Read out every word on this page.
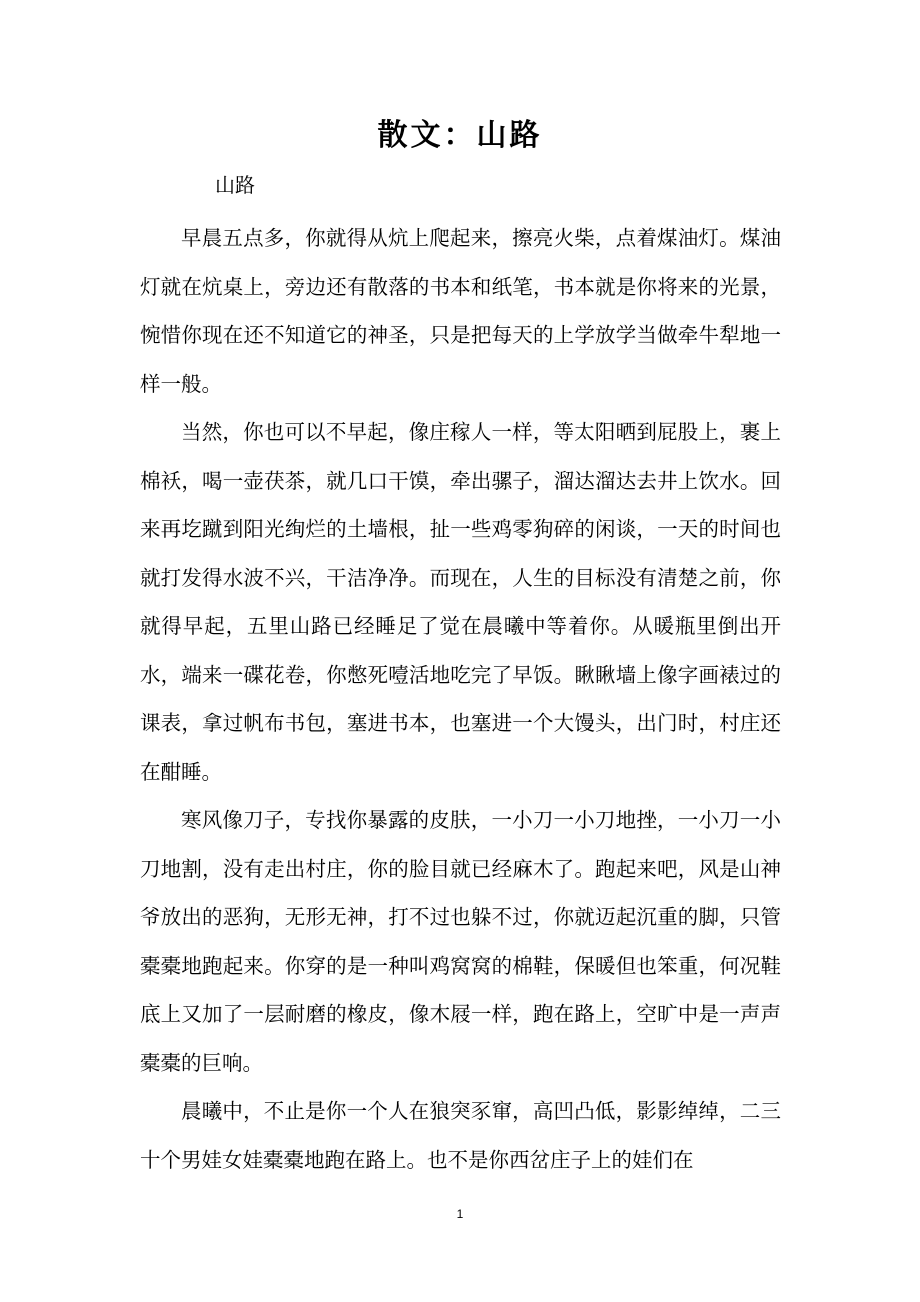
散文：山路
山路

早晨五点多，你就得从炕上爬起来，擦亮火柴，点着煤油灯。煤油灯就在炕桌上，旁边还有散落的书本和纸笔，书本就是你将来的光景，惋惜你现在还不知道它的神圣，只是把每天的上学放学当做牵牛犁地一样一般。

当然，你也可以不早起，像庄稼人一样，等太阳晒到屁股上，裹上棉袄，喝一壶茯茶，就几口干馍，牵出骡子，溜达溜达去井上饮水。回来再圪蹴到阳光绚烂的土墙根，扯一些鸡零狗碎的闲谈，一天的时间也就打发得水波不兴，干洁净净。而现在，人生的目标没有清楚之前，你就得早起，五里山路已经睡足了觉在晨曦中等着你。从暖瓶里倒出开水，端来一碟花卷，你憋死噎活地吃完了早饭。瞅瞅墙上像字画裱过的课表，拿过帆布书包，塞进书本，也塞进一个大馒头，出门时，村庄还在酣睡。

寒风像刀子，专找你暴露的皮肤，一小刀一小刀地挫，一小刀一小刀地割，没有走出村庄，你的脸目就已经麻木了。跑起来吧，风是山神爷放出的恶狗，无形无神，打不过也躲不过，你就迈起沉重的脚，只管橐橐地跑起来。你穿的是一种叫鸡窝窝的棉鞋，保暖但也笨重，何况鞋底上又加了一层耐磨的橡皮，像木屐一样，跑在路上，空旷中是一声声橐橐的巨响。

晨曦中，不止是你一个人在狼突豕窜，高凹凸低，影影绰绰，二三十个男娃女娃橐橐地跑在路上。也不是你西岔庄子上的娃们在

1
